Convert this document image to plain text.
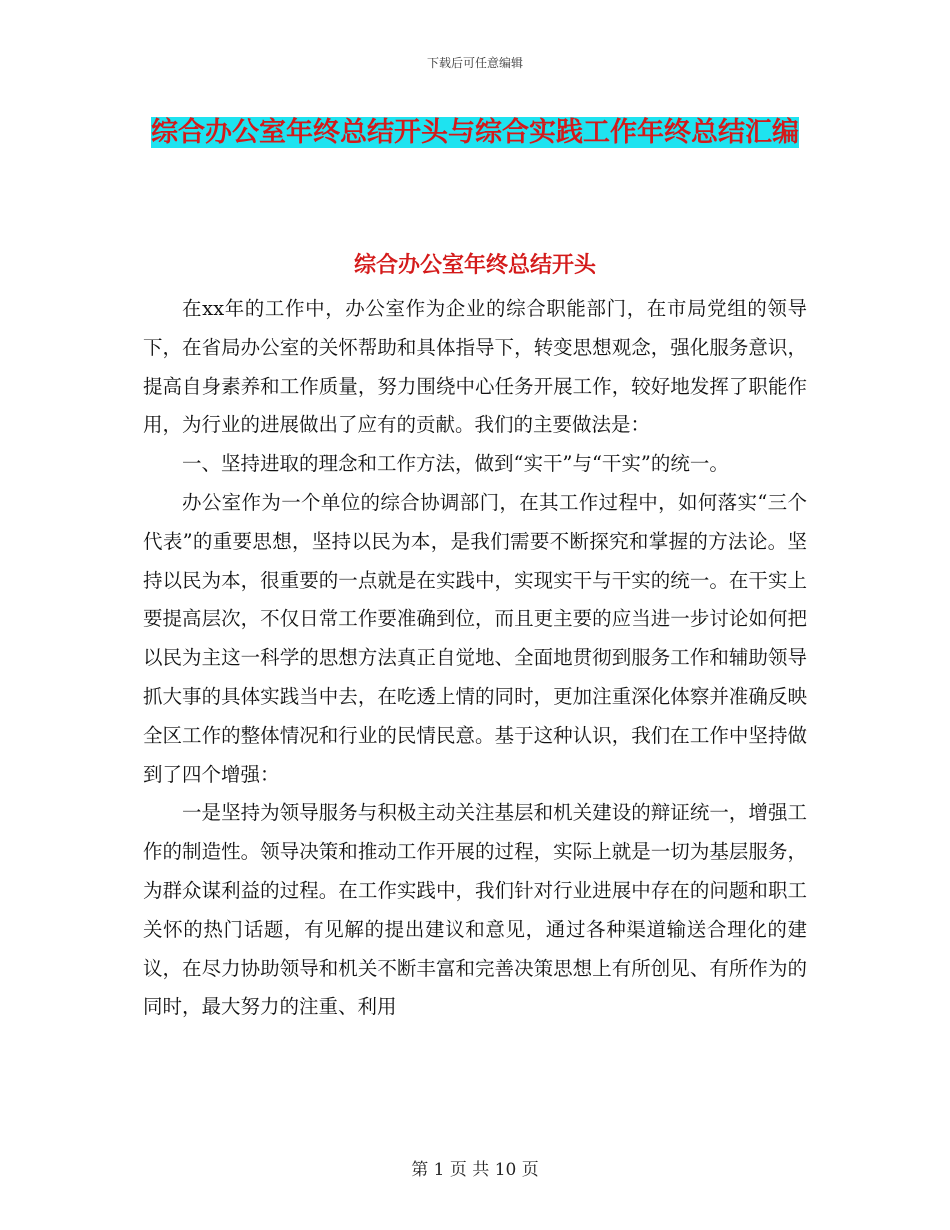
下载后可任意编辑
综合办公室年终总结开头与综合实践工作年终总结汇编
综合办公室年终总结开头

在xx年的工作中，办公室作为企业的综合职能部门，在市局党组的领导下，在省局办公室的关怀帮助和具体指导下，转变思想观念，强化服务意识，提高自身素养和工作质量，努力围绕中心任务开展工作，较好地发挥了职能作用，为行业的进展做出了应有的贡献。我们的主要做法是：

一、坚持进取的理念和工作方法，做到“实干”与“干实”的统一。

办公室作为一个单位的综合协调部门，在其工作过程中，如何落实“三个代表”的重要思想，坚持以民为本，是我们需要不断探究和掌握的方法论。坚持以民为本，很重要的一点就是在实践中，实现实干与干实的统一。在干实上要提高层次，不仅日常工作要准确到位，而且更主要的应当进一步讨论如何把以民为主这一科学的思想方法真正自觉地、全面地贯彻到服务工作和辅助领导抓大事的具体实践当中去，在吃透上情的同时，更加注重深化体察并准确反映全区工作的整体情况和行业的民情民意。基于这种认识，我们在工作中坚持做到了四个增强：

一是坚持为领导服务与积极主动关注基层和机关建设的辩证统一，增强工作的制造性。领导决策和推动工作开展的过程，实际上就是一切为基层服务，为群众谋利益的过程。在工作实践中，我们针对行业进展中存在的问题和职工关怀的热门话题，有见解的提出建议和意见，通过各种渠道输送合理化的建议，在尽力协助领导和机关不断丰富和完善决策思想上有所创见、有所作为的同时，最大努力的注重、利用

第 1 页 共 10 页
